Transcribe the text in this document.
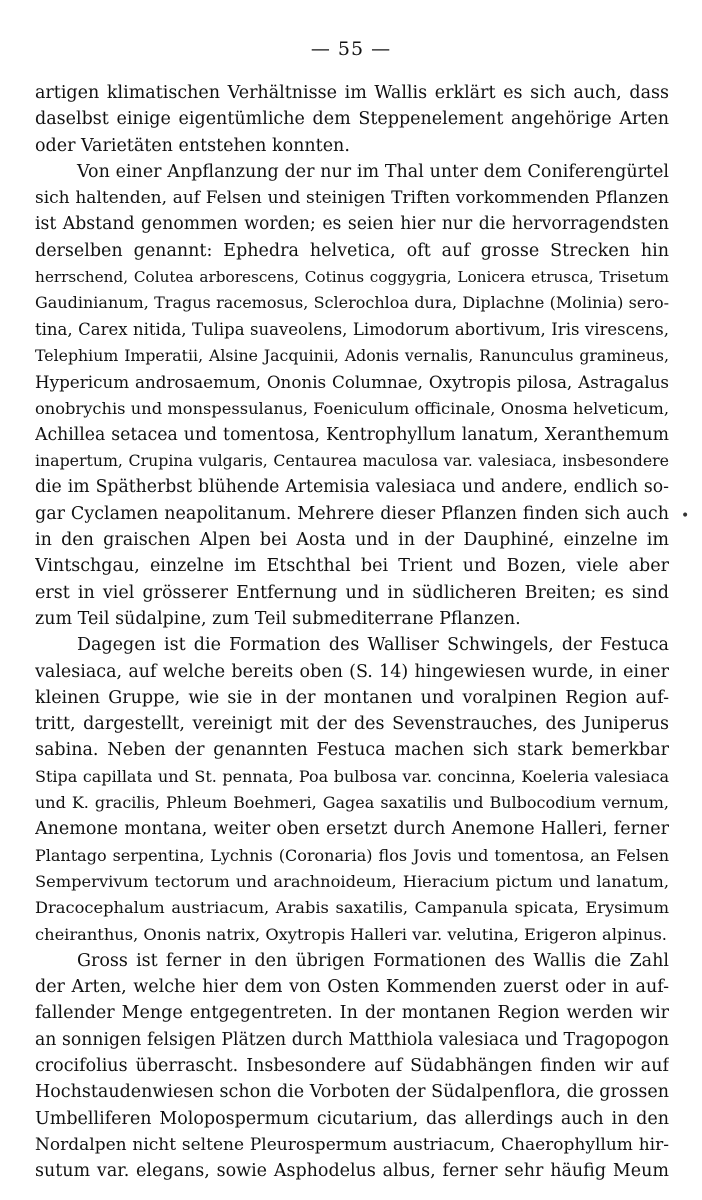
— 55 —
•
artigen klimatischen Verhältnisse im Wallis erklärt es sich auch, dass
daselbst einige eigentümliche dem Steppenelement angehörige Arten
oder Varietäten entstehen konnten.
Von einer Anpflanzung der nur im Thal unter dem Coniferengürtel
sich haltenden, auf Felsen und steinigen Triften vorkommenden Pflanzen
ist Abstand genommen worden; es seien hier nur die hervorragendsten
derselben genannt: Ephedra helvetica, oft auf grosse Strecken hin
herrschend, Colutea arborescens, Cotinus coggygria, Lonicera etrusca, Trisetum
Gaudinianum, Tragus racemosus, Sclerochloa dura, Diplachne (Molinia) sero-
tina, Carex nitida, Tulipa suaveolens, Limodorum abortivum, Iris virescens,
Telephium Imperatii, Alsine Jacquinii, Adonis vernalis, Ranunculus gramineus,
Hypericum androsaemum, Ononis Columnae, Oxytropis pilosa, Astragalus
onobrychis und monspessulanus, Foeniculum officinale, Onosma helveticum,
Achillea setacea und tomentosa, Kentrophyllum lanatum, Xeranthemum
inapertum, Crupina vulgaris, Centaurea maculosa var. valesiaca, insbesondere
die im Spätherbst blühende Artemisia valesiaca und andere, endlich so-
gar Cyclamen neapolitanum. Mehrere dieser Pflanzen finden sich auch
in den graischen Alpen bei Aosta und in der Dauphiné, einzelne im
Vintschgau, einzelne im Etschthal bei Trient und Bozen, viele aber
erst in viel grösserer Entfernung und in südlicheren Breiten; es sind
zum Teil südalpine, zum Teil submediterrane Pflanzen.
Dagegen ist die Formation des Walliser Schwingels, der Festuca
valesiaca, auf welche bereits oben (S. 14) hingewiesen wurde, in einer
kleinen Gruppe, wie sie in der montanen und voralpinen Region auf-
tritt, dargestellt, vereinigt mit der des Sevenstrauches, des Juniperus
sabina. Neben der genannten Festuca machen sich stark bemerkbar
Stipa capillata und St. pennata, Poa bulbosa var. concinna, Koeleria valesiaca
und K. gracilis, Phleum Boehmeri, Gagea saxatilis und Bulbocodium vernum,
Anemone montana, weiter oben ersetzt durch Anemone Halleri, ferner
Plantago serpentina, Lychnis (Coronaria) flos Jovis und tomentosa, an Felsen
Sempervivum tectorum und arachnoideum, Hieracium pictum und lanatum,
Dracocephalum austriacum, Arabis saxatilis, Campanula spicata, Erysimum
cheiranthus, Ononis natrix, Oxytropis Halleri var. velutina, Erigeron alpinus.
Gross ist ferner in den übrigen Formationen des Wallis die Zahl
der Arten, welche hier dem von Osten Kommenden zuerst oder in auf-
fallender Menge entgegentreten. In der montanen Region werden wir
an sonnigen felsigen Plätzen durch Matthiola valesiaca und Tragopogon
crocifolius überrascht. Insbesondere auf Südabhängen finden wir auf
Hochstaudenwiesen schon die Vorboten der Südalpenflora, die grossen
Umbelliferen Molopospermum cicutarium, das allerdings auch in den
Nordalpen nicht seltene Pleurospermum austriacum, Chaerophyllum hir-
sutum var. elegans, sowie Asphodelus albus, ferner sehr häufig Meum
